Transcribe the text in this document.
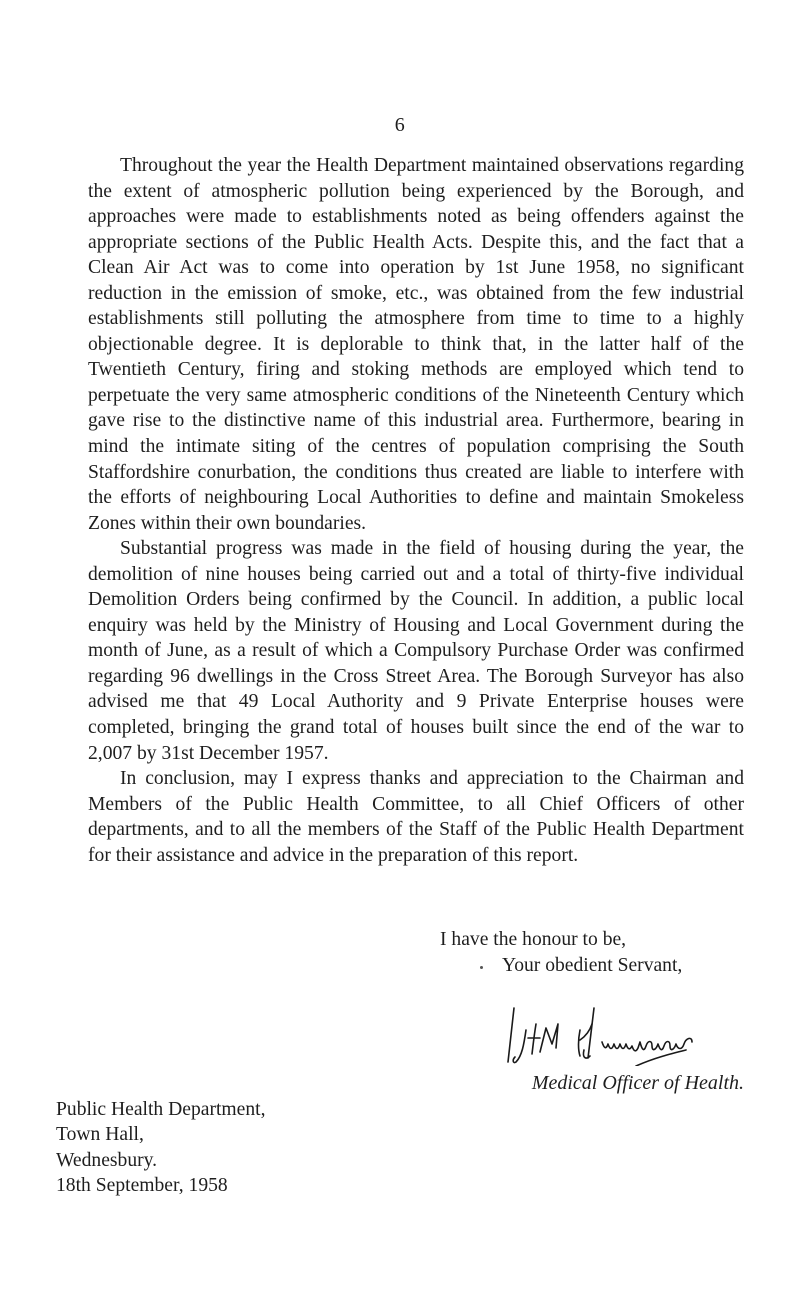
6

Throughout the year the Health Department maintained observations regarding the extent of atmospheric pollution being experienced by the Borough, and approaches were made to establishments noted as being offenders against the appropriate sections of the Public Health Acts. Despite this, and the fact that a Clean Air Act was to come into operation by 1st June 1958, no significant reduction in the emission of smoke, etc., was obtained from the few industrial establishments still polluting the atmosphere from time to time to a highly objectionable degree. It is deplorable to think that, in the latter half of the Twentieth Century, firing and stoking methods are employed which tend to perpetuate the very same atmospheric conditions of the Nineteenth Century which gave rise to the distinctive name of this industrial area. Furthermore, bearing in mind the intimate siting of the centres of population comprising the South Staffordshire conurbation, the conditions thus created are liable to interfere with the efforts of neighbouring Local Authorities to define and maintain Smokeless Zones within their own boundaries.

Substantial progress was made in the field of housing during the year, the demolition of nine houses being carried out and a total of thirty-five individual Demolition Orders being confirmed by the Council. In addition, a public local enquiry was held by the Ministry of Housing and Local Government during the month of June, as a result of which a Compulsory Purchase Order was confirmed regarding 96 dwellings in the Cross Street Area. The Borough Surveyor has also advised me that 49 Local Authority and 9 Private Enterprise houses were completed, bringing the grand total of houses built since the end of the war to 2,007 by 31st December 1957.

In conclusion, may I express thanks and appreciation to the Chairman and Members of the Public Health Committee, to all Chief Officers of other departments, and to all the members of the Staff of the Public Health Department for their assistance and advice in the preparation of this report.

I have the honour to be,
Your obedient Servant,
Medical Officer of Health.
Public Health Department,
Town Hall,
Wednesbury.
18th September, 1958
